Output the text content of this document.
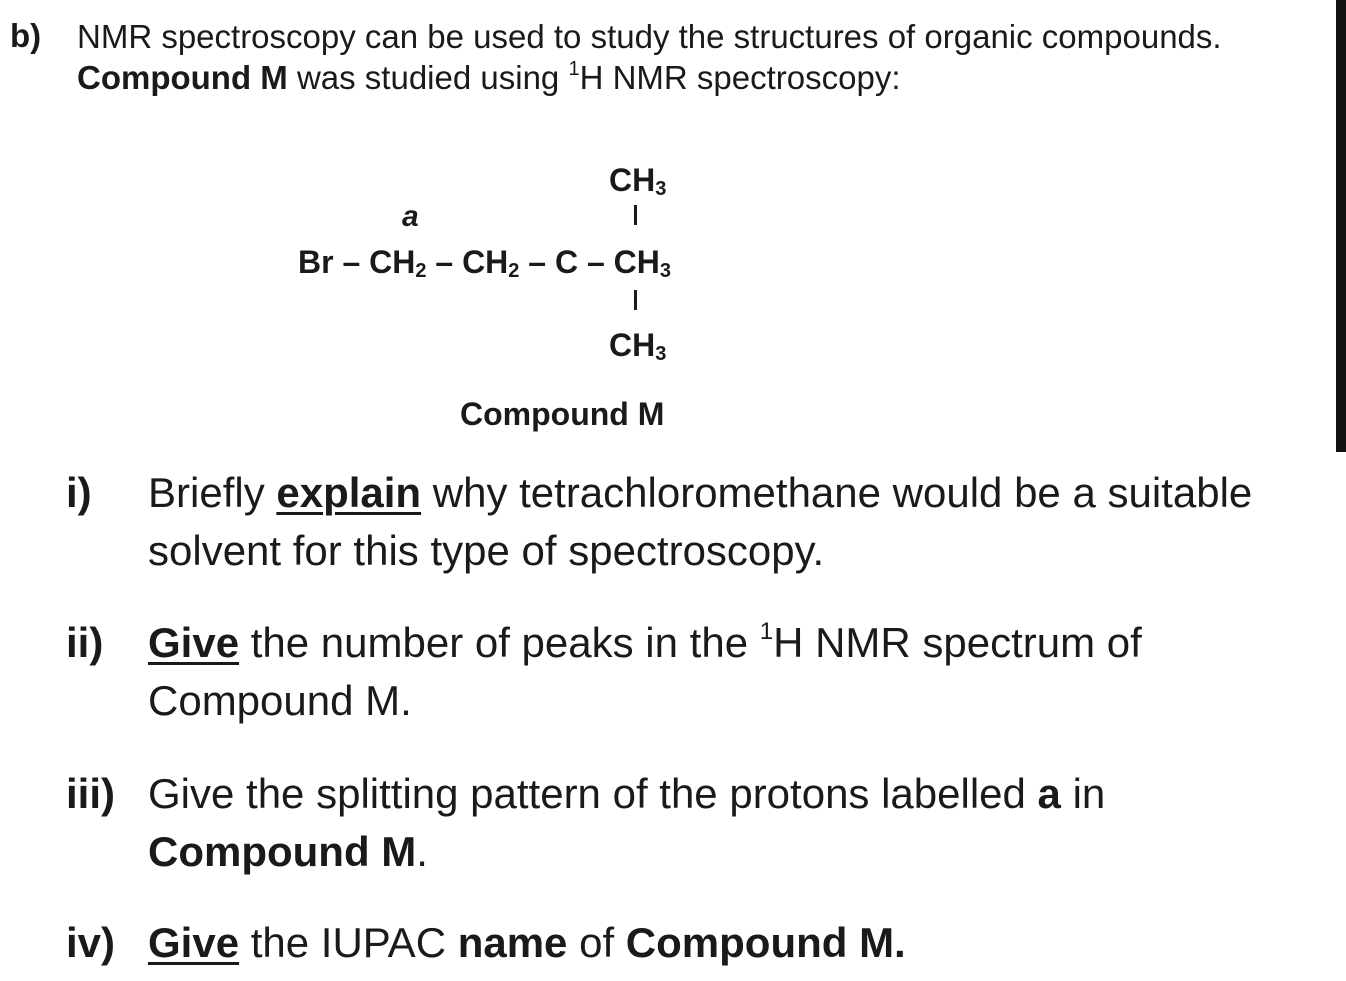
b) NMR spectroscopy can be used to study the structures of organic compounds. Compound M was studied using $^1$H NMR spectroscopy:
a
$CH_3$
Br – $CH_2 - CH_2$ – C – $CH_3$
$CH_3$
Compound M
i) Briefly explain why tetrachloromethane would be a suitable solvent for this type of spectroscopy.
ii) Give the number of peaks in the $^1$H NMR spectrum of Compound M.
iii) Give the splitting pattern of the protons labelled a in Compound M.
iv) Give the IUPAC name of Compound M.
